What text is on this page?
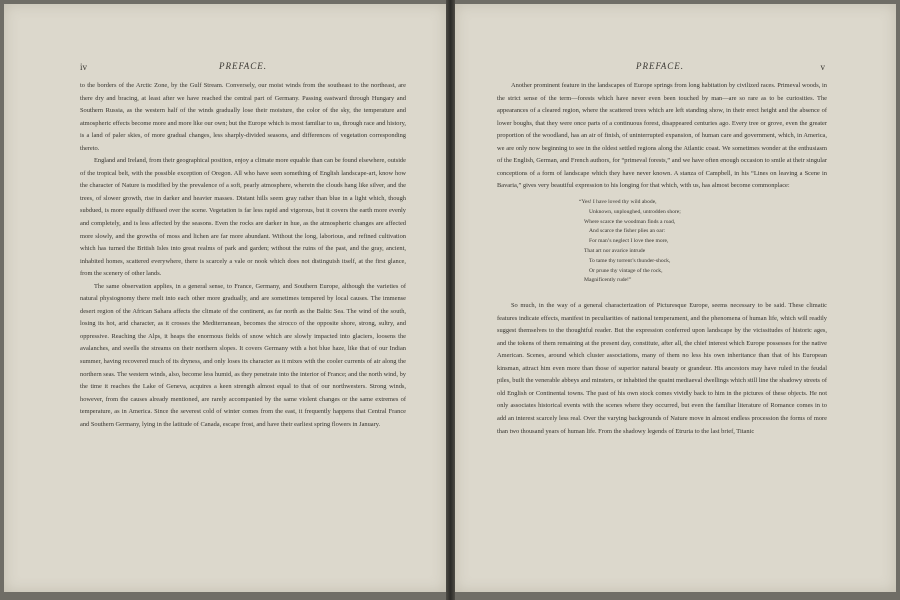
iv	PREFACE.

to the borders of the Arctic Zone, by the Gulf Stream. Conversely, our moist winds from the southeast to the northeast, are there dry and bracing, at least after we have reached the central part of Germany. Passing eastward through Hungary and Southern Russia, as the western half of the winds gradually lose their moisture, the color of the sky, the temperature and atmospheric effects become more and more like our own; but the Europe which is most familiar to us, through race and history, is a land of paler skies, of more gradual changes, less sharply-divided seasons, and differences of vegetation corresponding thereto.

England and Ireland, from their geographical position, enjoy a climate more equable than can be found elsewhere, outside of the tropical belt, with the possible exception of Oregon. All who have seen something of English landscape-art, know how the character of Nature is modified by the prevalence of a soft, pearly atmosphere, wherein the clouds hang like silver, and the trees, of slower growth, rise in darker and heavier masses. Distant hills seem gray rather than blue in a light which, though subdued, is more equally diffused over the scene. Vegetation is far less rapid and vigorous, but it covers the earth more evenly and completely, and is less affected by the seasons. Even the rocks are darker in hue, as the atmospheric changes are affected more slowly, and the growths of moss and lichen are far more abundant. Without the long, laborious, and refined cultivation which has turned the British Isles into great realms of park and garden; without the ruins of the past, and the gray, ancient, inhabited homes, scattered everywhere, there is scarcely a vale or nook which does not distinguish itself, at the first glance, from the scenery of other lands.

The same observation applies, in a general sense, to France, Germany, and Southern Europe, although the varieties of natural physiognomy there melt into each other more gradually, and are sometimes tempered by local causes. The immense desert region of the African Sahara affects the climate of the continent, as far north as the Baltic Sea. The wind of the south, losing its hot, arid character, as it crosses the Mediterranean, becomes the sirocco of the opposite shore, strong, sultry, and oppressive. Reaching the Alps, it heaps the enormous fields of snow which are slowly impacted into glaciers, loosens the avalanches, and swells the streams on their northern slopes. It covers Germany with a hot blue haze, like that of our Indian summer, having recovered much of its dryness, and only loses its character as it mixes with the cooler currents of air along the northern seas. The western winds, also, become less humid, as they penetrate into the interior of France; and the north wind, by the time it reaches the Lake of Geneva, acquires a keen strength almost equal to that of our northwesters. Strong winds, however, from the causes already mentioned, are rarely accompanied by the same violent changes or the same extremes of temperature, as in America. Since the severest cold of winter comes from the east, it frequently happens that Central France and Southern Germany, lying in the latitude of Canada, escape frost, and have their earliest spring flowers in January.

PREFACE.	v

Another prominent feature in the landscapes of Europe springs from long habitation by civilized races. Primeval woods, in the strict sense of the term—forests which have never even been touched by man—are so rare as to be curiosities. The appearances of a cleared region, where the scattered trees which are left standing show, in their erect height and the absence of lower boughs, that they were once parts of a continuous forest, disappeared centuries ago. Every tree or grove, even the greater proportion of the woodland, has an air of finish, of uninterrupted expansion, of human care and government, which, in America, we are only now beginning to see in the oldest settled regions along the Atlantic coast. We sometimes wonder at the enthusiasm of the English, German, and French authors, for “primeval forests,” and we have often enough occasion to smile at their singular conceptions of a form of landscape which they have never known. A stanza of Campbell, in his “Lines on leaving a Scene in Bavaria,” gives very beautiful expression to his longing for that which, with us, has almost become commonplace:

“Yes! I have loved thy wild abode,
Unknown, unploughed, untrodden shore;
Where scarce the woodman finds a road,
And scarce the fisher plies an oar:
For man’s neglect I love thee more,
That art nor avarice intrude
To tame thy torrent’s thunder-shock,
Or prune thy vintage of the rock,
Magnificently rude!”

So much, in the way of a general characterization of Picturesque Europe, seems necessary to be said. These climatic features indicate effects, manifest in peculiarities of national temperament, and the phenomena of human life, which will readily suggest themselves to the thoughtful reader. But the expression conferred upon landscape by the vicissitudes of historic ages, and the tokens of them remaining at the present day, constitute, after all, the chief interest which Europe possesses for the native American. Scenes, around which cluster associations, many of them no less his own inheritance than that of his European kinsman, attract him even more than those of superior natural beauty or grandeur. His ancestors may have ruled in the feudal piles, built the venerable abbeys and minsters, or inhabited the quaint mediaeval dwellings which still line the shadowy streets of old English or Continental towns. The past of his own stock comes vividly back to him in the pictures of these objects. He not only associates historical events with the scenes where they occurred, but even the familiar literature of Romance comes in to add an interest scarcely less real. Over the varying backgrounds of Nature move in almost endless procession the forms of more than two thousand years of human life. From the shadowy legends of Etruria to the last brief, Titanic
